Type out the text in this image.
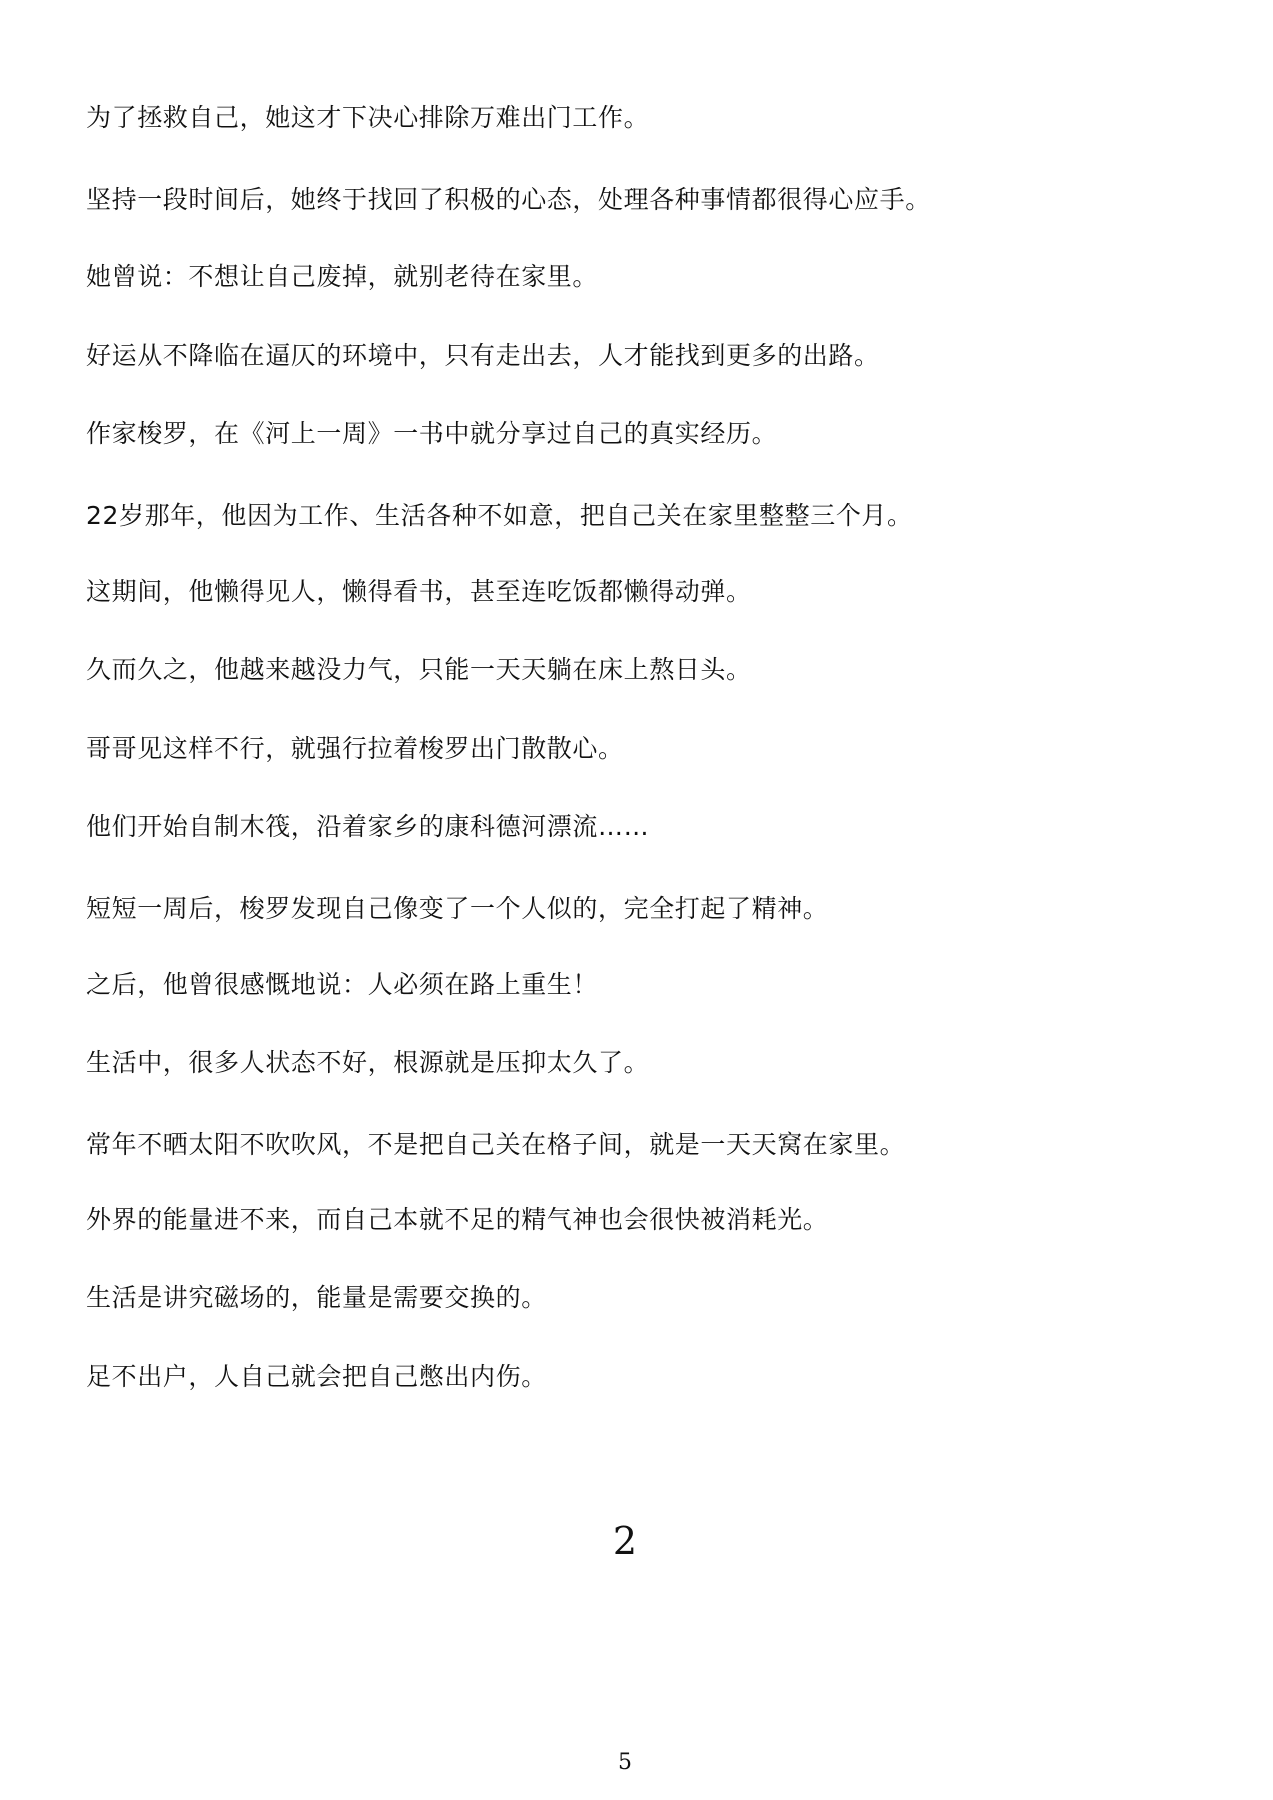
为了拯救自己，她这才下决心排除万难出门工作。

坚持一段时间后，她终于找回了积极的心态，处理各种事情都很得心应手。

她曾说：不想让自己废掉，就别老待在家里。

好运从不降临在逼仄的环境中，只有走出去，人才能找到更多的出路。

作家梭罗，在《河上一周》一书中就分享过自己的真实经历。

22岁那年，他因为工作、生活各种不如意，把自己关在家里整整三个月。

这期间，他懒得见人，懒得看书，甚至连吃饭都懒得动弹。

久而久之，他越来越没力气，只能一天天躺在床上熬日头。

哥哥见这样不行，就强行拉着梭罗出门散散心。

他们开始自制木筏，沿着家乡的康科德河漂流……

短短一周后，梭罗发现自己像变了一个人似的，完全打起了精神。

之后，他曾很感慨地说：人必须在路上重生！

生活中，很多人状态不好，根源就是压抑太久了。

常年不晒太阳不吹吹风，不是把自己关在格子间，就是一天天窝在家里。

外界的能量进不来，而自己本就不足的精气神也会很快被消耗光。

生活是讲究磁场的，能量是需要交换的。

足不出户，人自己就会把自己憋出内伤。

2

5
